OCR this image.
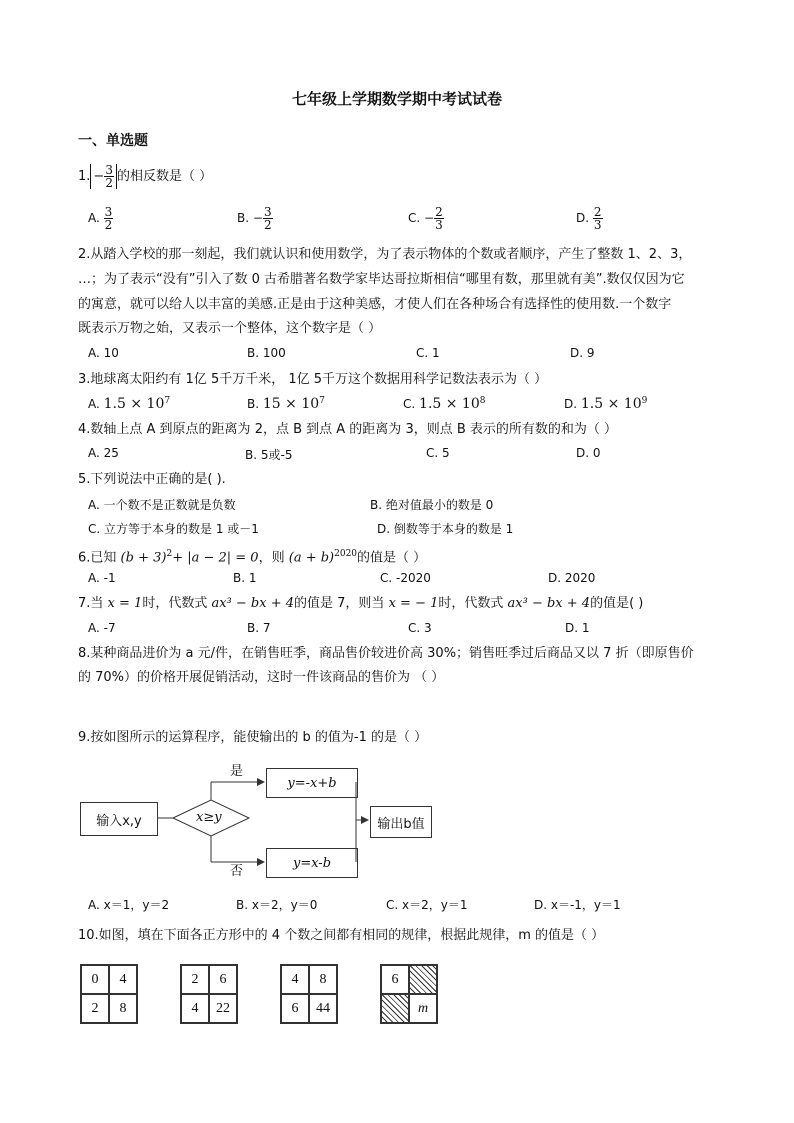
七年级上学期数学期中考试试卷
一、单选题
1. − $\frac{3}{2}$ 的相反数是（ ）
A. $\frac{3}{2}$	B. − $\frac{3}{2}$	C. − $\frac{2}{3}$	D. $\frac{2}{3}$
2.从踏入学校的那一刻起，我们就认识和使用数学，为了表示物体的个数或者顺序，产生了整数 1、2、3，
…；为了表示“没有”引入了数 0 古希腊著名数学家毕达哥拉斯相信“哪里有数，那里就有美”.数仅仅因为它
的寓意，就可以给人以丰富的美感.正是由于这种美感，才使人们在各种场合有选择性的使用数.一个数字
既表示万物之始，又表示一个整体，这个数字是（ ）
A. 10	B. 100	C. 1	D. 9
3.地球离太阳约有 1亿 5千万千米， 1亿 5千万这个数据用科学记数法表示为（ ）
A. $1.5 \times 10^7$	B. $15 \times 10^7$	C. $1.5 \times 10^8$	D. $1.5 \times 10^9$
4.数轴上点 A 到原点的距离为 2，点 B 到点 A 的距离为 3，则点 B 表示的所有数的和为（ ）
A. 25	B. 5或-5	C. 5	D. 0
5.下列说法中正确的是( ).
A. 一个数不是正数就是负数	B. 绝对值最小的数是 0
C. 立方等于本身的数是 1 或－1	D. 倒数等于本身的数是 1
6.已知 $(b + 3)^2+ |a - 2| = 0$，则 $(a + b)^{2020}$的值是（ ）
A. -1	B. 1	C. -2020	D. 2020
7.当 x = 1时，代数式 ax³ − bx + 4的值是 7，则当 x = − 1时，代数式 ax³ − bx + 4的值是( )
A. -7	B. 7	C. 3	D. 1
8.某种商品进价为 a 元/件，在销售旺季，商品售价较进价高 30%；销售旺季过后商品又以 7 折（即原售价
的 70%）的价格开展促销活动，这时一件该商品的售价为 （ ）
9.按如图所示的运算程序，能使输出的 b 的值为-1 的是（ ）
输入x,y	x≥y
是
否
y=-x+b
y=x-b
输出b值
A. x＝1，y＝2	B. x＝2，y＝0	C. x＝2，y＝1	D. x＝-1，y＝1
10.如图，填在下面各正方形中的 4 个数之间都有相同的规律，根据此规律，m 的值是（ ）
0	4
2	8
2	6
4	22
4	8
6	44
6
m
